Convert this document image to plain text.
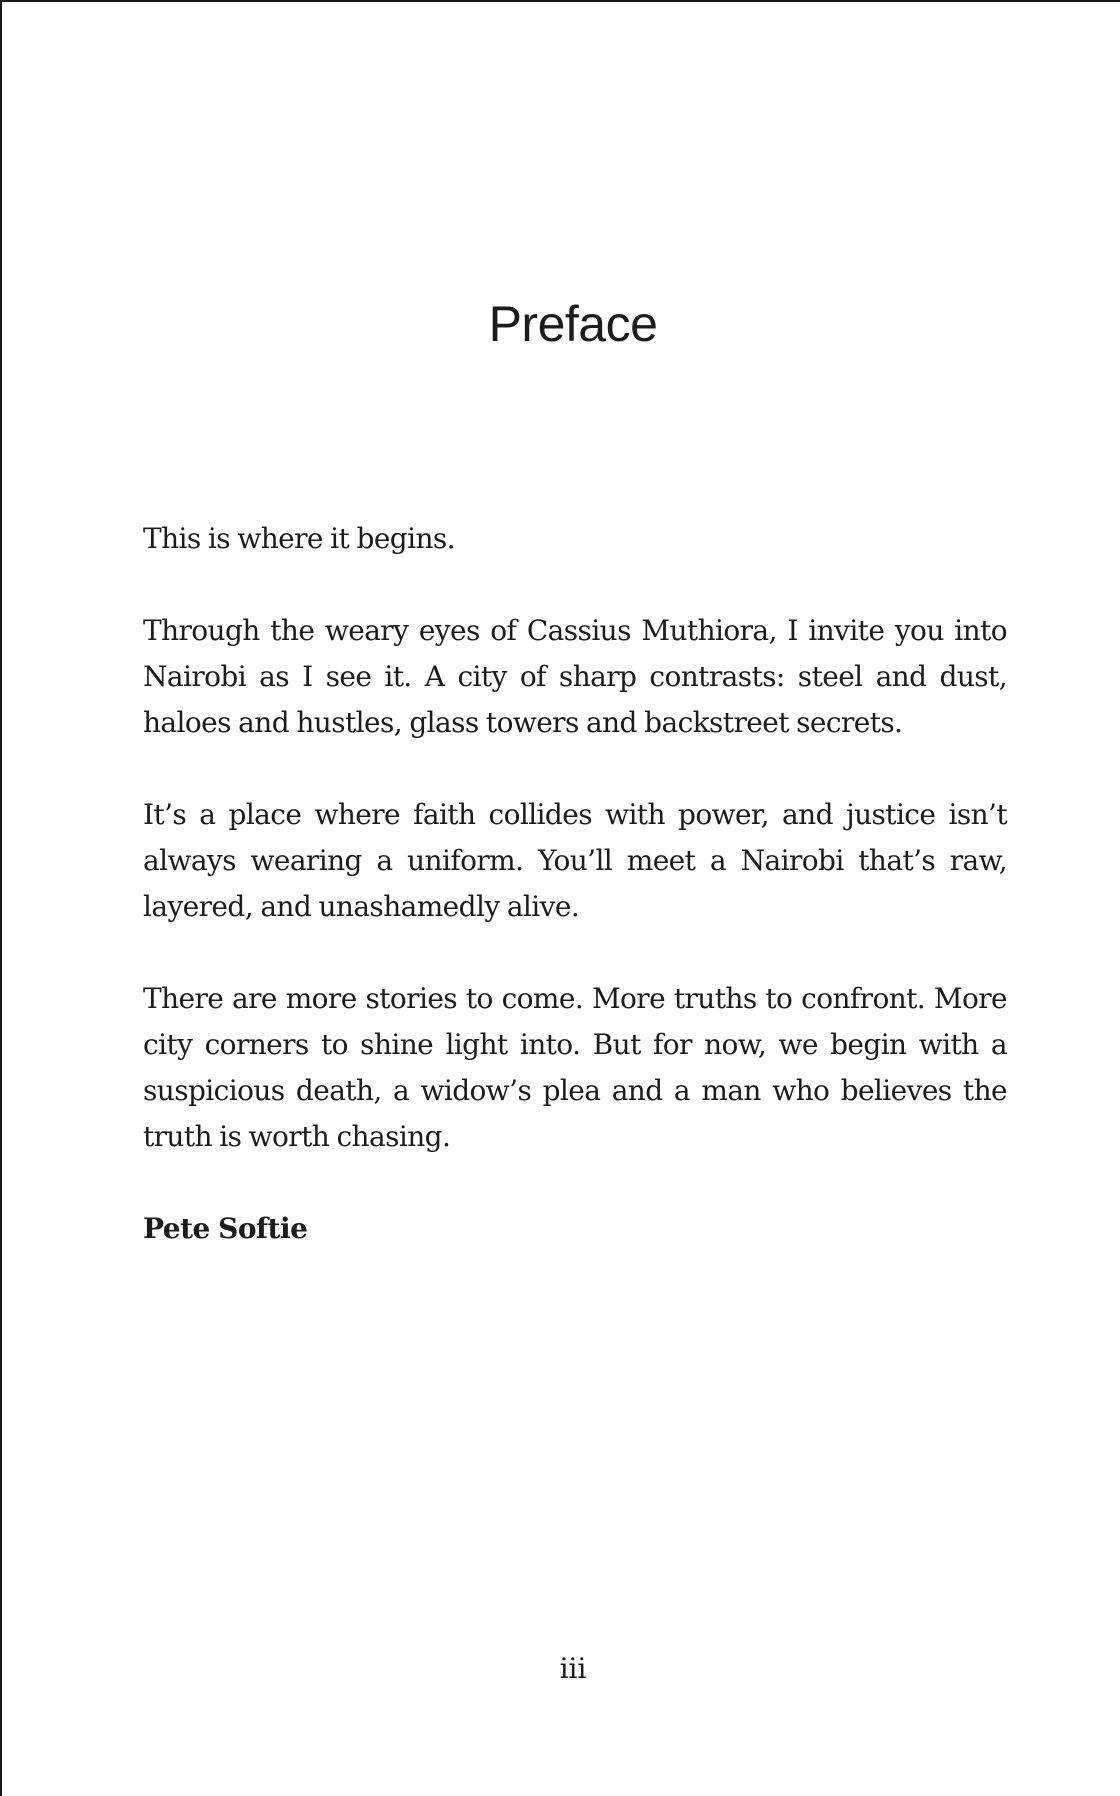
Preface

This is where it begins.

Through the weary eyes of Cassius Muthiora, I invite you into Nairobi as I see it. A city of sharp contrasts: steel and dust, haloes and hustles, glass towers and backstreet secrets.

It’s a place where faith collides with power, and justice isn’t always wearing a uniform. You’ll meet a Nairobi that’s raw, layered, and unashamedly alive.

There are more stories to come. More truths to confront. More city corners to shine light into. But for now, we begin with a suspicious death, a widow’s plea and a man who believes the truth is worth chasing.

Pete Softie

iii
